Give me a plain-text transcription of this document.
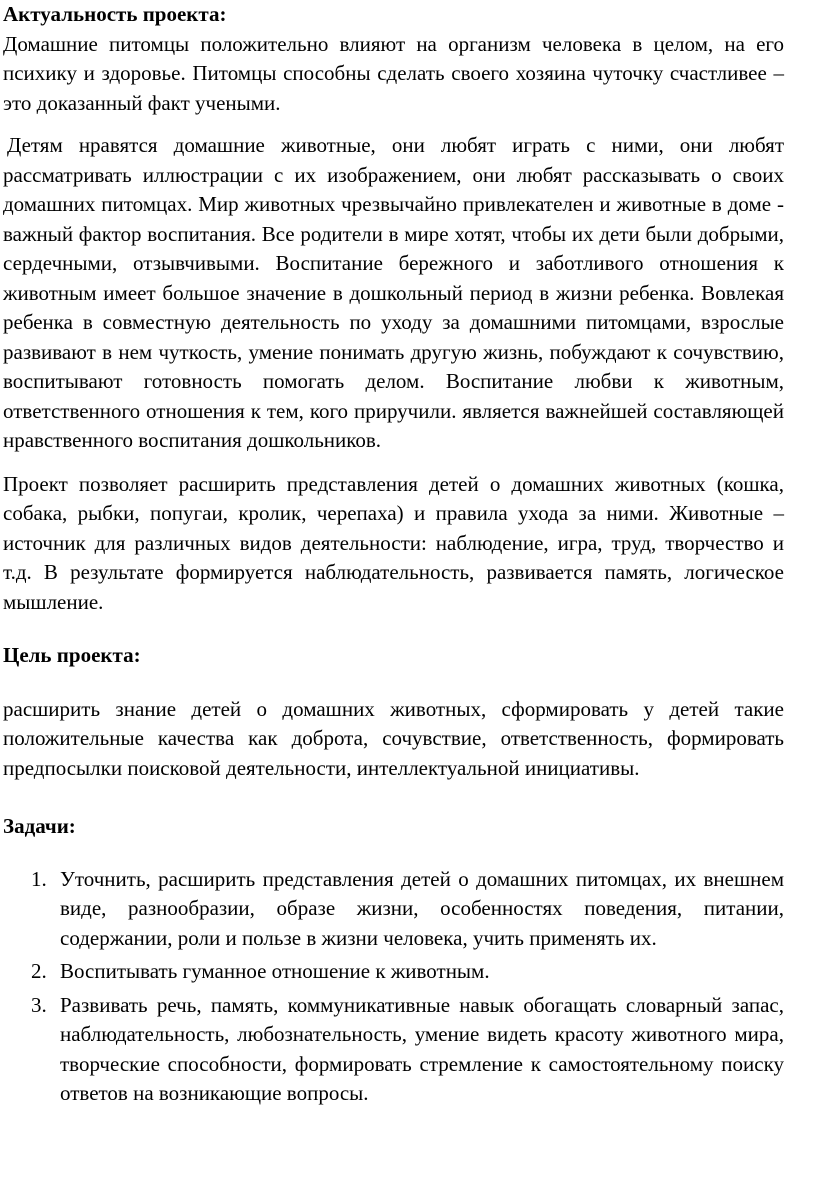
Актуальность проекта:

Домашние питомцы положительно влияют на организм человека в целом, на его психику и здоровье. Питомцы способны сделать своего хозяина чуточку счастливее – это доказанный факт учеными.

Детям нравятся домашние животные, они любят играть с ними, они любят рассматривать иллюстрации с их изображением, они любят рассказывать о своих домашних питомцах. Мир животных чрезвычайно привлекателен и животные в доме - важный фактор воспитания. Все родители в мире хотят, чтобы их дети были добрыми, сердечными, отзывчивыми. Воспитание бережного и заботливого отношения к животным имеет большое значение в дошкольный период в жизни ребенка. Вовлекая ребенка в совместную деятельность по уходу за домашними питомцами, взрослые развивают в нем чуткость, умение понимать другую жизнь, побуждают к сочувствию, воспитывают готовность помогать делом. Воспитание любви к животным, ответственного отношения к тем, кого приручили. является важнейшей составляющей нравственного воспитания дошкольников.

Проект позволяет расширить представления детей о домашних животных (кошка, собака, рыбки, попугаи, кролик, черепаха) и правила ухода за ними. Животные – источник для различных видов деятельности: наблюдение, игра, труд, творчество и т.д. В результате формируется наблюдательность, развивается память, логическое мышление.

Цель проекта:

расширить знание детей о домашних животных, сформировать у детей такие положительные качества как доброта, сочувствие, ответственность, формировать предпосылки поисковой деятельности, интеллектуальной инициативы.

Задачи:

1. Уточнить, расширить представления детей о домашних питомцах, их внешнем виде, разнообразии, образе жизни, особенностях поведения, питании, содержании, роли и пользе в жизни человека, учить применять их.
2. Воспитывать гуманное отношение к животным.
3. Развивать речь, память, коммуникативные навык обогащать словарный запас, наблюдательность, любознательность, умение видеть красоту животного мира, творческие способности, формировать стремление к самостоятельному поиску ответов на возникающие вопросы.
